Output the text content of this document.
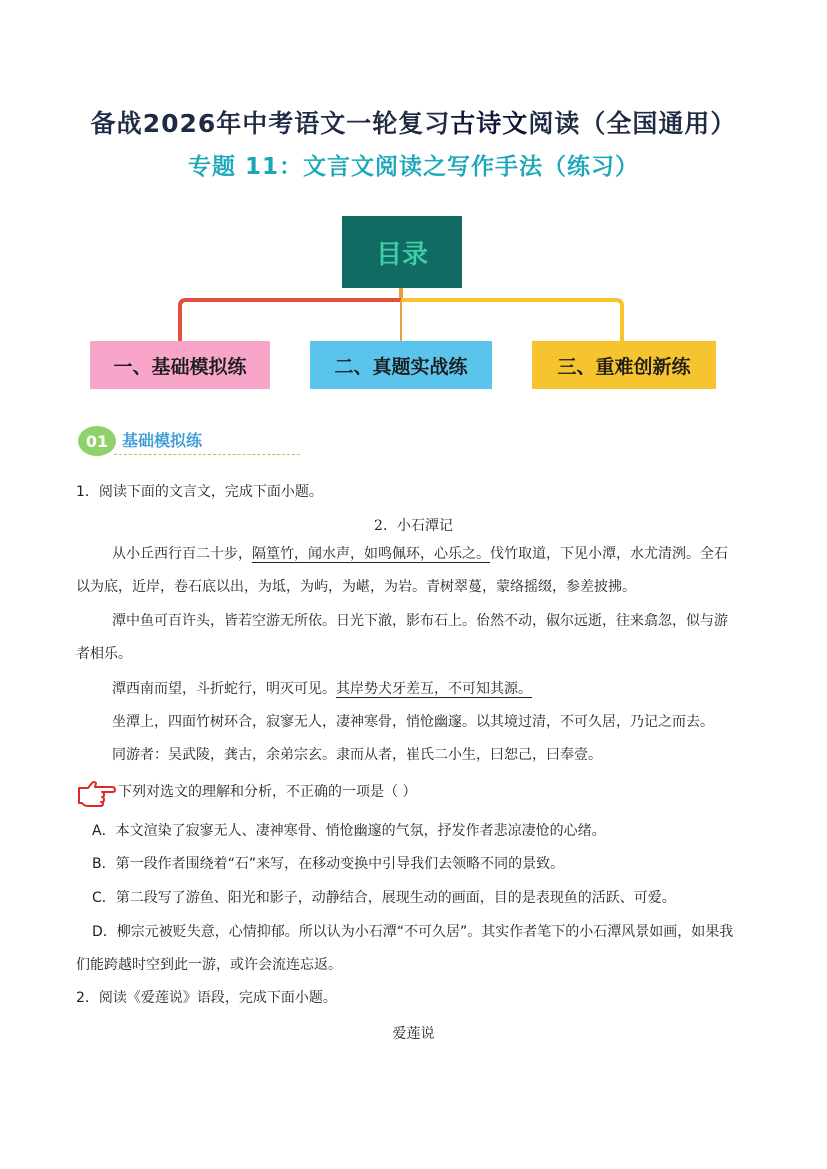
备战2026年中考语文一轮复习古诗文阅读（全国通用）
专题 11：文言文阅读之写作手法（练习）
目录
一、基础模拟练	二、真题实战练	三、重难创新练
01 基础模拟练
1．阅读下面的文言文，完成下面小题。
2．小石潭记
从小丘西行百二十步，隔篁竹，闻水声，如鸣佩环，心乐之。伐竹取道，下见小潭，水尤清洌。全石
以为底，近岸，卷石底以出，为坻，为屿，为嵁，为岩。青树翠蔓，蒙络摇缀，参差披拂。
潭中鱼可百许头，皆若空游无所依。日光下澈，影布石上。佁然不动，俶尔远逝，往来翕忽，似与游
者相乐。
潭西南而望，斗折蛇行，明灭可见。其岸势犬牙差互，不可知其源。
坐潭上，四面竹树环合，寂寥无人，凄神寒骨，悄怆幽邃。以其境过清，不可久居，乃记之而去。
同游者：吴武陵，龚古，余弟宗玄。隶而从者，崔氏二小生，曰恕己，曰奉壹。
下列对选文的理解和分析，不正确的一项是（ ）
A．本文渲染了寂寥无人、凄神寒骨、悄怆幽邃的气氛，抒发作者悲凉凄怆的心绪。
B．第一段作者围绕着“石”来写，在移动变换中引导我们去领略不同的景致。
C．第二段写了游鱼、阳光和影子，动静结合，展现生动的画面，目的是表现鱼的活跃、可爱。
D．柳宗元被贬失意，心情抑郁。所以认为小石潭“不可久居”。其实作者笔下的小石潭风景如画，如果我
们能跨越时空到此一游，或许会流连忘返。
2．阅读《爱莲说》语段，完成下面小题。
爱莲说
